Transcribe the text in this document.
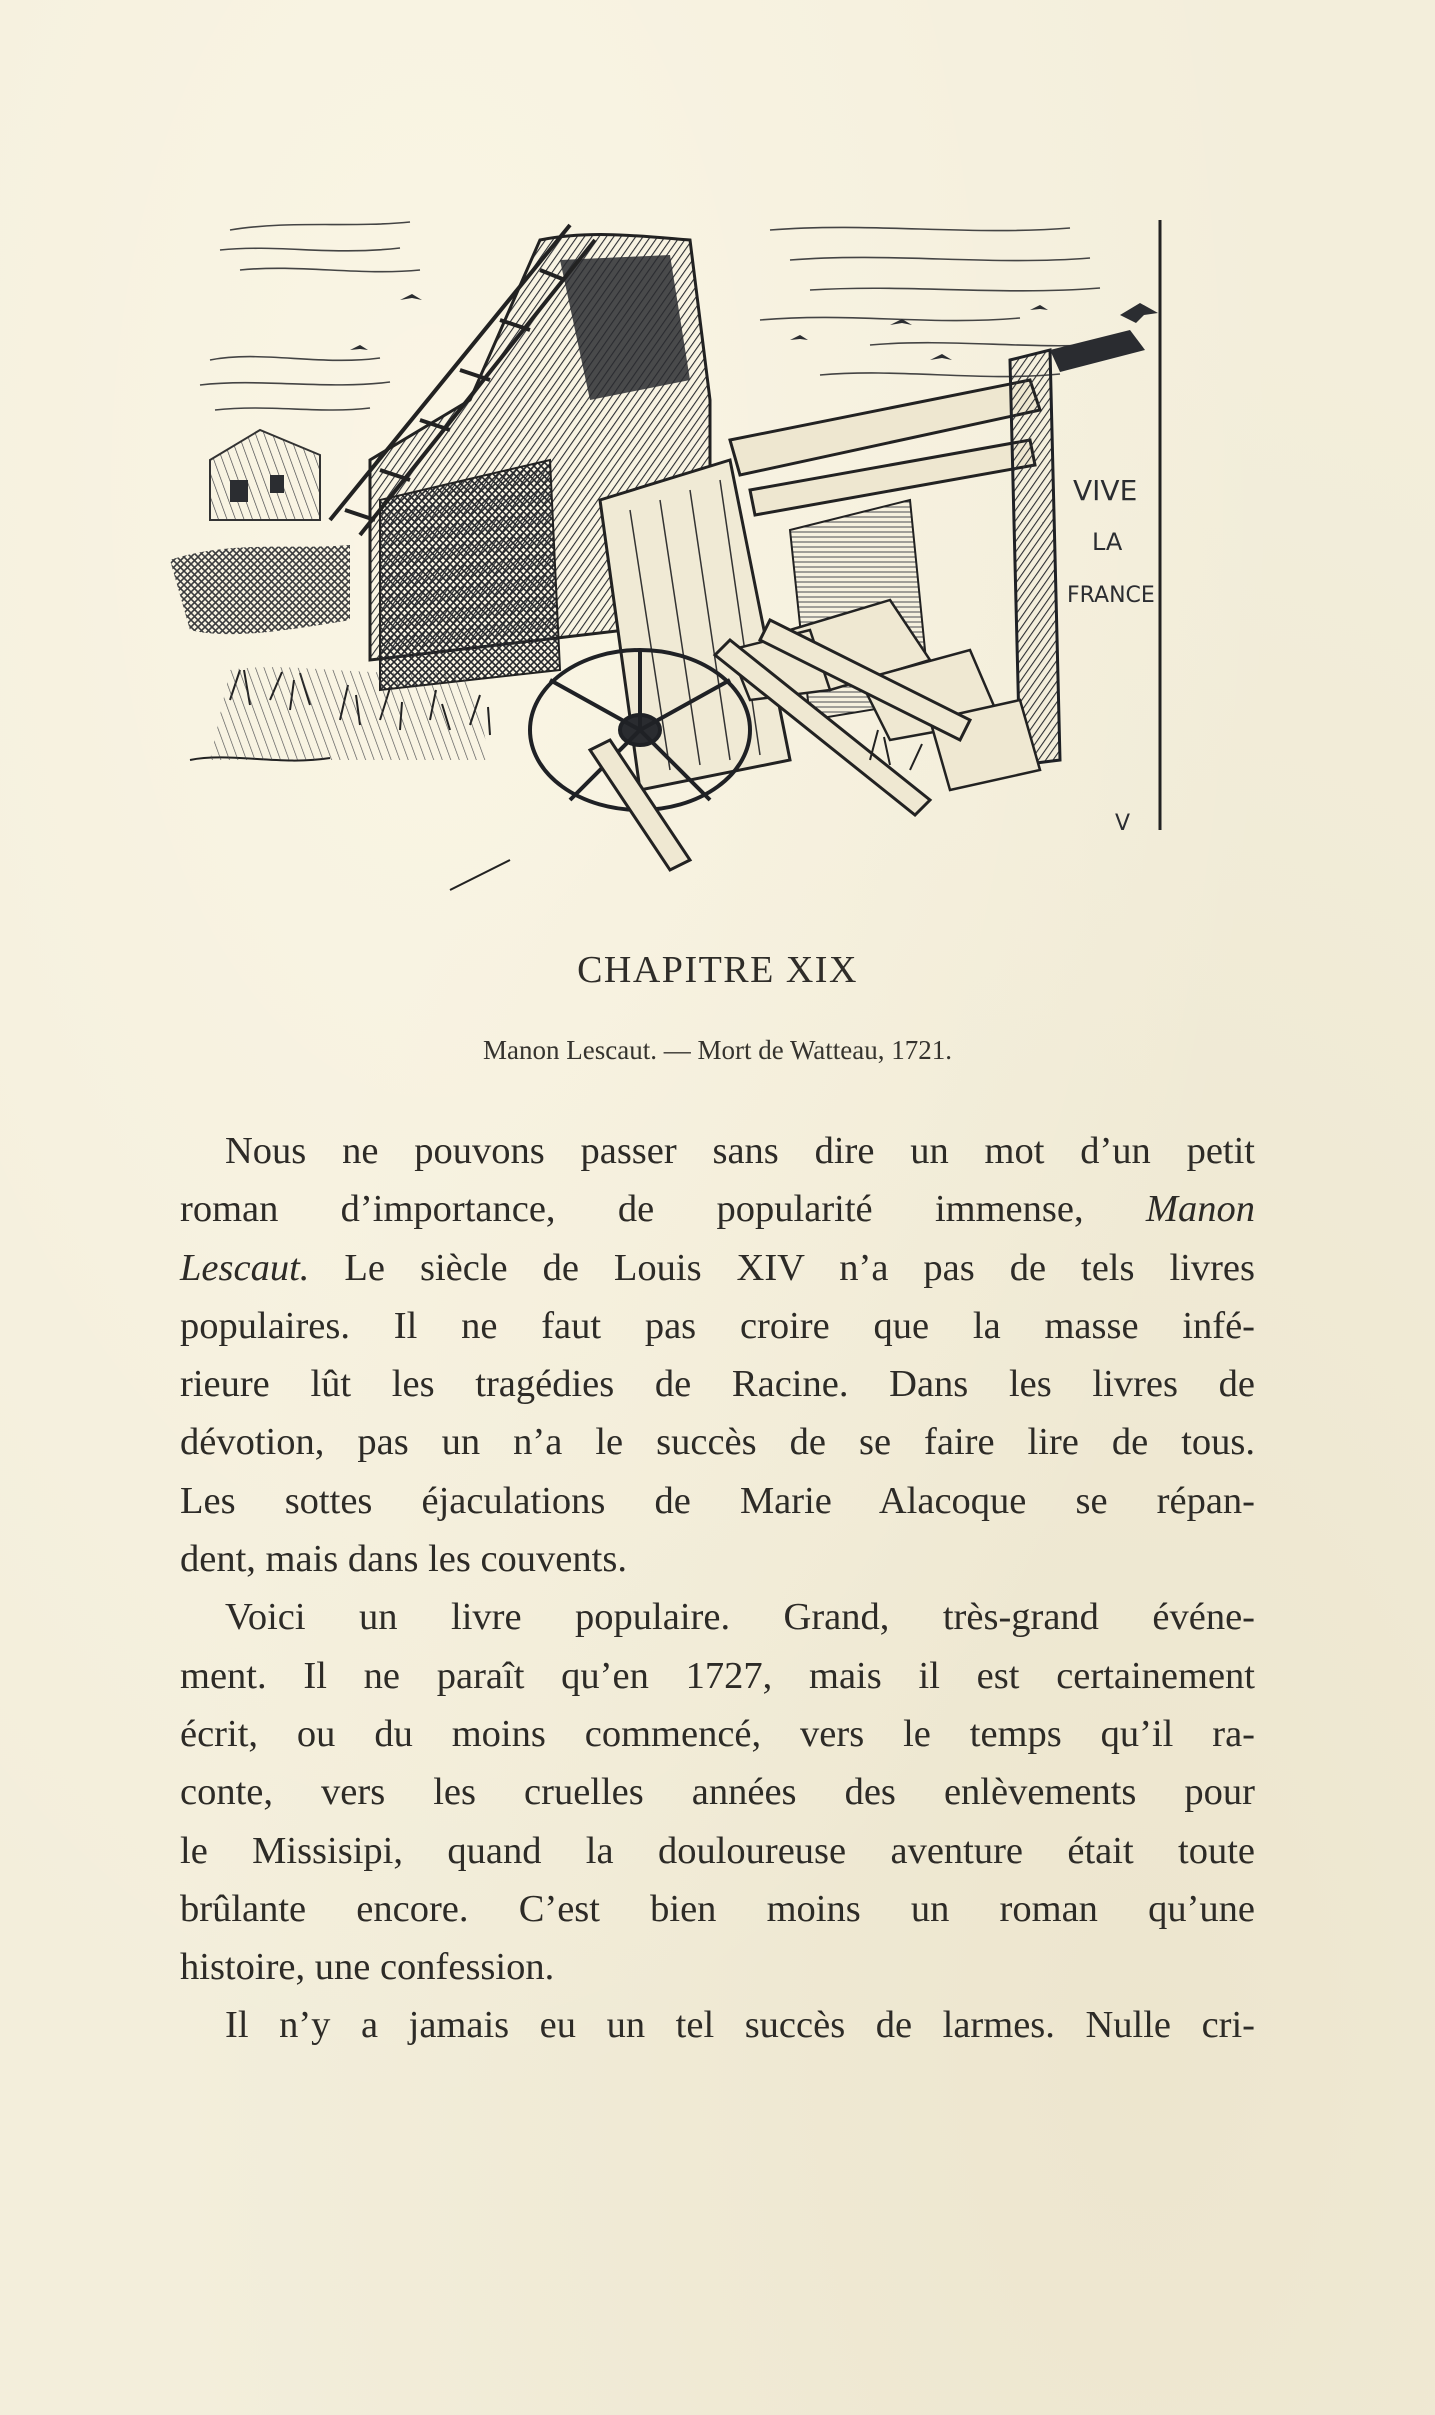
VIVE
LA
FRANCE
V
CHAPITRE XIX
Manon Lescaut. — Mort de Watteau, 1721.
Nous ne pouvons passer sans dire un mot d’un petit
roman d’importance, de popularité immense, Manon
Lescaut. Le siècle de Louis XIV n’a pas de tels livres
populaires. Il ne faut pas croire que la masse infé-
rieure lût les tragédies de Racine. Dans les livres de
dévotion, pas un n’a le succès de se faire lire de tous.
Les sottes éjaculations de Marie Alacoque se répan-
dent, mais dans les couvents.
Voici un livre populaire. Grand, très-grand événe-
ment. Il ne paraît qu’en 1727, mais il est certainement
écrit, ou du moins commencé, vers le temps qu’il ra-
conte, vers les cruelles années des enlèvements pour
le Missisipi, quand la douloureuse aventure était toute
brûlante encore. C’est bien moins un roman qu’une
histoire, une confession.
Il n’y a jamais eu un tel succès de larmes. Nulle cri-
